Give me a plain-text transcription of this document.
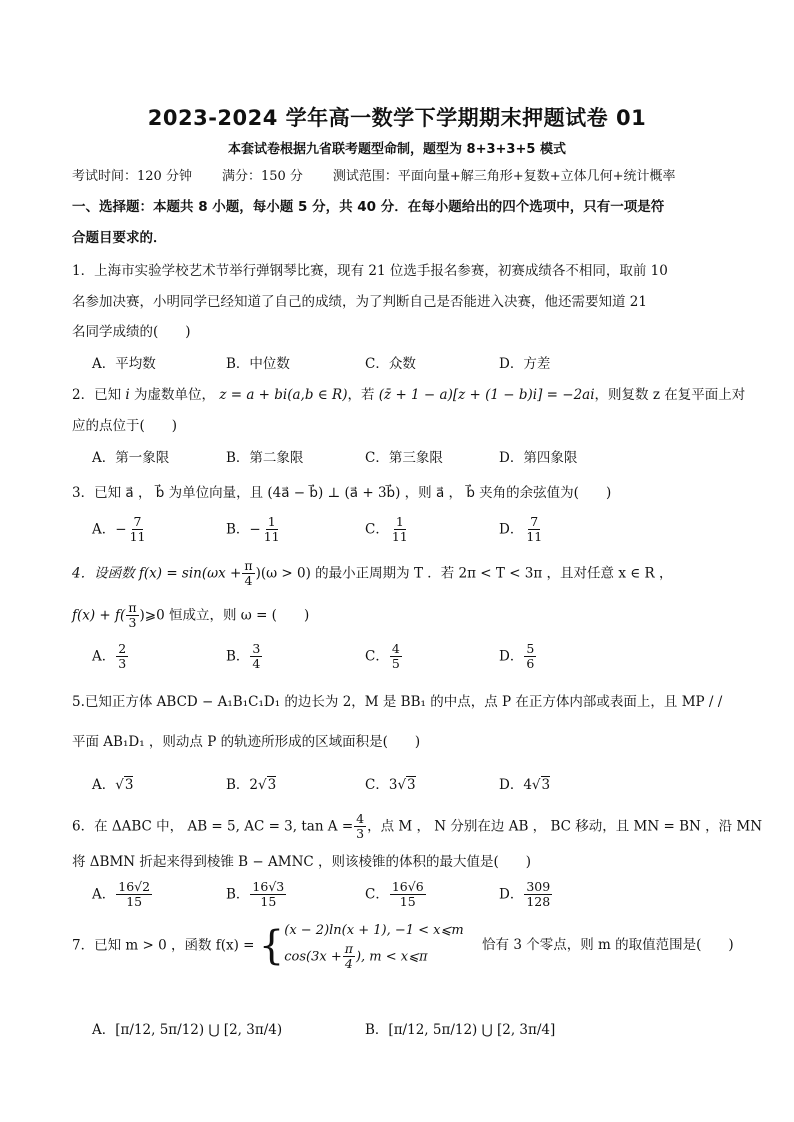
2023-2024 学年高一数学下学期期末押题试卷 01
本套试卷根据九省联考题型命制，题型为 8+3+3+5 模式
考试时间：120 分钟 满分：150 分 测试范围：平面向量+解三角形+复数+立体几何+统计概率
一、选择题：本题共 8 小题，每小题 5 分，共 40 分．在每小题给出的四个选项中，只有一项是符
合题目要求的．
1．上海市实验学校艺术节举行弹钢琴比赛，现有 21 位选手报名参赛，初赛成绩各不相同，取前 10
名参加决赛，小明同学已经知道了自己的成绩，为了判断自己是否能进入决赛，他还需要知道 21
名同学成绩的(　　)
A．平均数	B．中位数	C．众数	D．方差
2．已知 i 为虚数单位， z = a + bi(a,b ∈ R)，若 (z̄ + 1 − a)[z + (1 − b)i] = −2ai，则复数 z 在复平面上对
应的点位于(　　)
A．第一象限	B．第二象限	C．第三象限	D．第四象限
3．已知 a⃗ ， b⃗ 为单位向量，且 (4a⃗ − b⃗) ⊥ (a⃗ + 3b⃗) ，则 a⃗ ， b⃗ 夹角的余弦值为(　　)
A．− $\frac{7}{11}$	B．− $\frac{1}{11}$	C． $\frac{1}{11}$	D． $\frac{7}{11}$
4．设函数 $f(x) = \sin(\omega x + \frac{\pi}{4} )(\omega > 0)$ 的最小正周期为 T ．若 2π < T < 3π ，且对任意 x ∈ R ，
$f(x) + f( \frac{\pi}{3}$ )⩾0 恒成立，则 ω = (　　)
A． $\frac{2}{3}$	B． $\frac{3}{4}$	C． $\frac{4}{5}$	D． $\frac{5}{6}$
5.已知正方体 ABCD − A₁B₁C₁D₁ 的边长为 2，M 是 BB₁ 的中点，点 P 在正方体内部或表面上，且 MP / /
平面 AB₁D₁ ，则动点 P 的轨迹所形成的区域面积是(　　)
A．√3	B．2√3	C．3√3	D．4√3
6．在 ΔABC 中， AB = 5, AC = 3, $\tan A = \frac{4}{3}$ ，点 M ， N 分别在边 AB ， BC 移动，且 MN = BN ，沿 MN
将 ΔBMN 折起来得到棱锥 B − AMNC ，则该棱锥的体积的最大值是(　　)
A． $\frac{16√2}{15}$	B． $\frac{16√3}{15}$	C． $\frac{16√6}{15}$	D． $\frac{309}{128}$
7．已知 m > 0 ，函数 f(x) = { (x − 2)ln(x + 1), −1 < x⩽m
$\cos(3x + \frac{\pi}{4}$ ), m < x⩽π
恰有 3 个零点，则 m 的取值范围是(　　)
A．[π/12, 5π/12) ⋃ [2, 3π/4)	B．[π/12, 5π/12) ⋃ [2, 3π/4]
